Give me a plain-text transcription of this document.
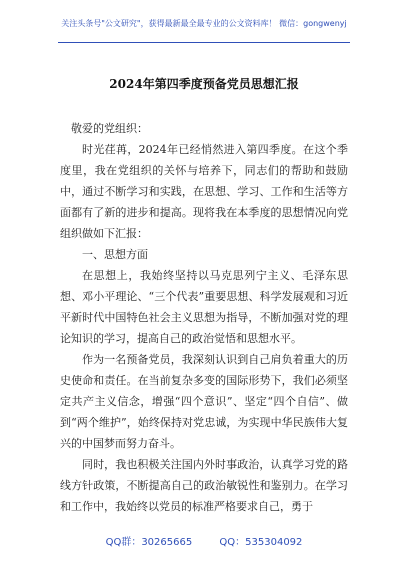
关注头条号"公文研究"，获得最新最全最专业的公文资料库！ 微信：gongwenyj
2024年第四季度预备党员思想汇报

敬爱的党组织：

时光荏苒，2024年已经悄然进入第四季度。在这个季度里，我在党组织的关怀与培养下，同志们的帮助和鼓励中，通过不断学习和实践，在思想、学习、工作和生活等方面都有了新的进步和提高。现将我在本季度的思想情况向党组织做如下汇报：

一、思想方面

在思想上，我始终坚持以马克思列宁主义、毛泽东思想、邓小平理论、“三个代表”重要思想、科学发展观和习近平新时代中国特色社会主义思想为指导，不断加强对党的理论知识的学习，提高自己的政治觉悟和思想水平。

作为一名预备党员，我深刻认识到自己肩负着重大的历史使命和责任。在当前复杂多变的国际形势下，我们必须坚定共产主义信念，增强“四个意识”、坚定“四个自信”、做到“两个维护”，始终保持对党忠诚，为实现中华民族伟大复兴的中国梦而努力奋斗。

同时，我也积极关注国内外时事政治，认真学习党的路线方针政策，不断提高自己的政治敏锐性和鉴别力。在学习和工作中，我始终以党员的标准严格要求自己，勇于

QQ群：30265665	QQ：535304092
